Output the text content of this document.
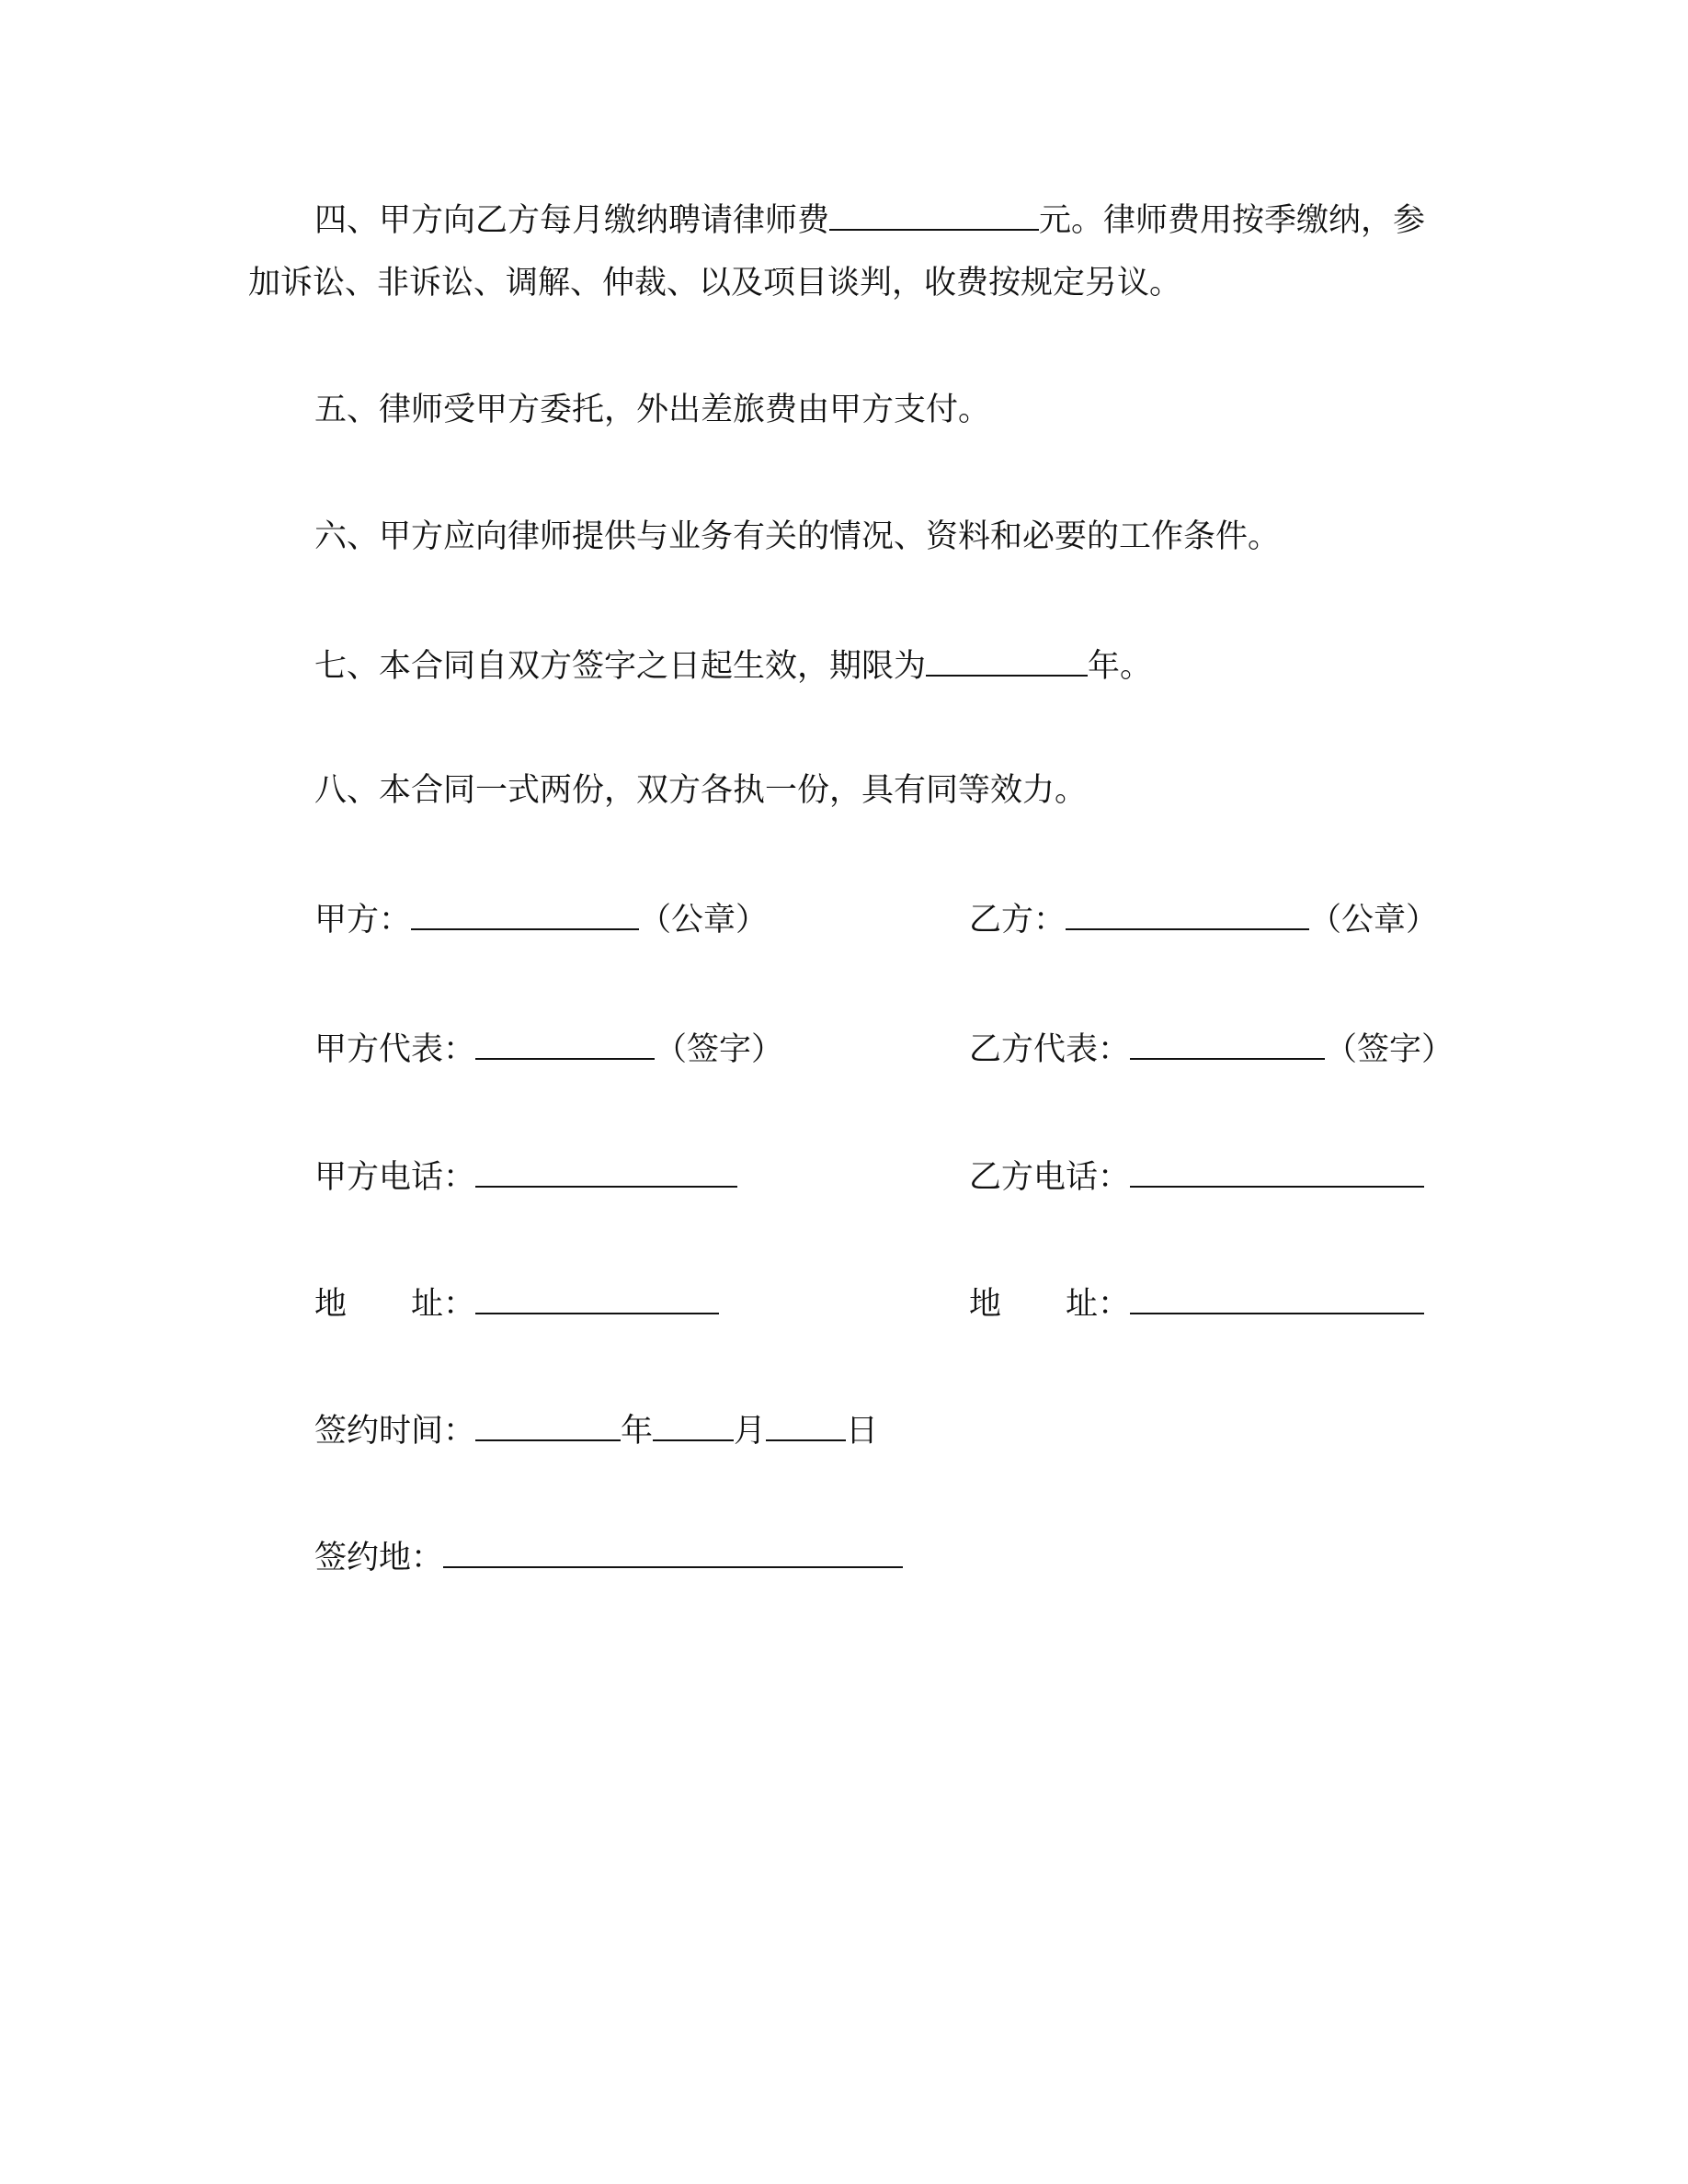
四、甲方向乙方每月缴纳聘请律师费	元。律师费用按季缴纳，参
加诉讼、非诉讼、调解、仲裁、以及项目谈判，收费按规定另议。
五、律师受甲方委托，外出差旅费由甲方支付。
六、甲方应向律师提供与业务有关的情况、资料和必要的工作条件。
七、本合同自双方签字之日起生效，期限为	年。
八、本合同一式两份，双方各执一份，具有同等效力。
甲方：	（公章）	乙方：	（公章）
甲方代表：	（签字）	乙方代表：	（签字）
甲方电话：	乙方电话：
地　　址：	地　　址：
签约时间：	年	月 日
签约地：
